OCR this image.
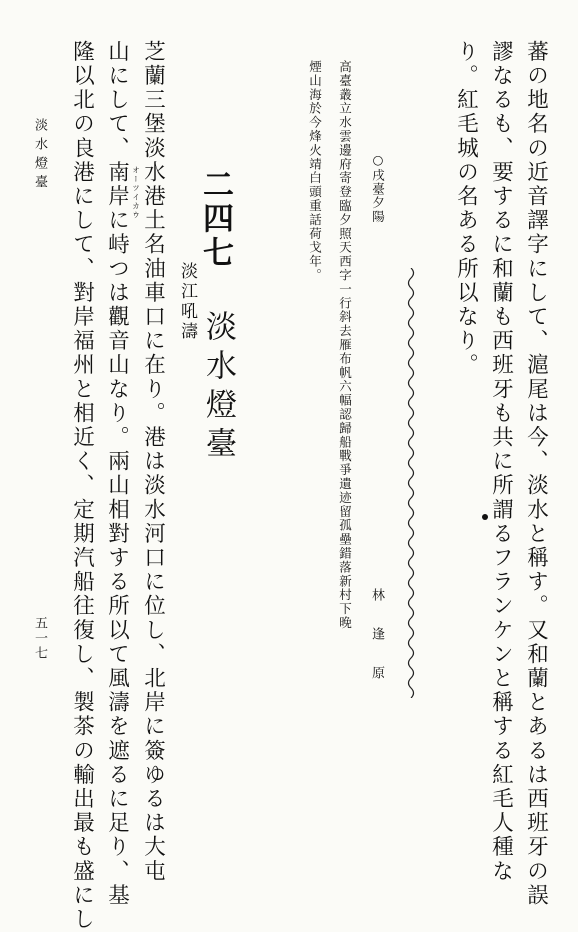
蕃の地名の近音譯字にして、滬尾は今、淡水と稱す。又和蘭とあるは西班牙の誤
謬なるも、要するに和蘭も西班牙も共に所謂るフランケンと稱する紅毛人種な
り。紅毛城の名ある所以なり。
○戌臺夕陽
林逢原
高臺叢立水雲邊府寄登臨夕照天西字一行斜去雁布帆六幅認歸船戰爭遺迹留孤壘錯落新村下晚
煙山海於今烽火靖白頭重話荷戈年。
二四七
淡水燈臺
淡江吼濤
オーツイカウ 芝蘭三堡淡水港土名油車口に在り。港は淡水河口に位し、北岸に簽ゆるは大屯
山にして、南岸に峙つは觀音山なり。兩山相對する所以て風濤を遮るに足り、基
隆以北の良港にして、對岸福州と相近く、定期汽船往復し、製茶の輸出最も盛にし
淡水燈臺
五一七
